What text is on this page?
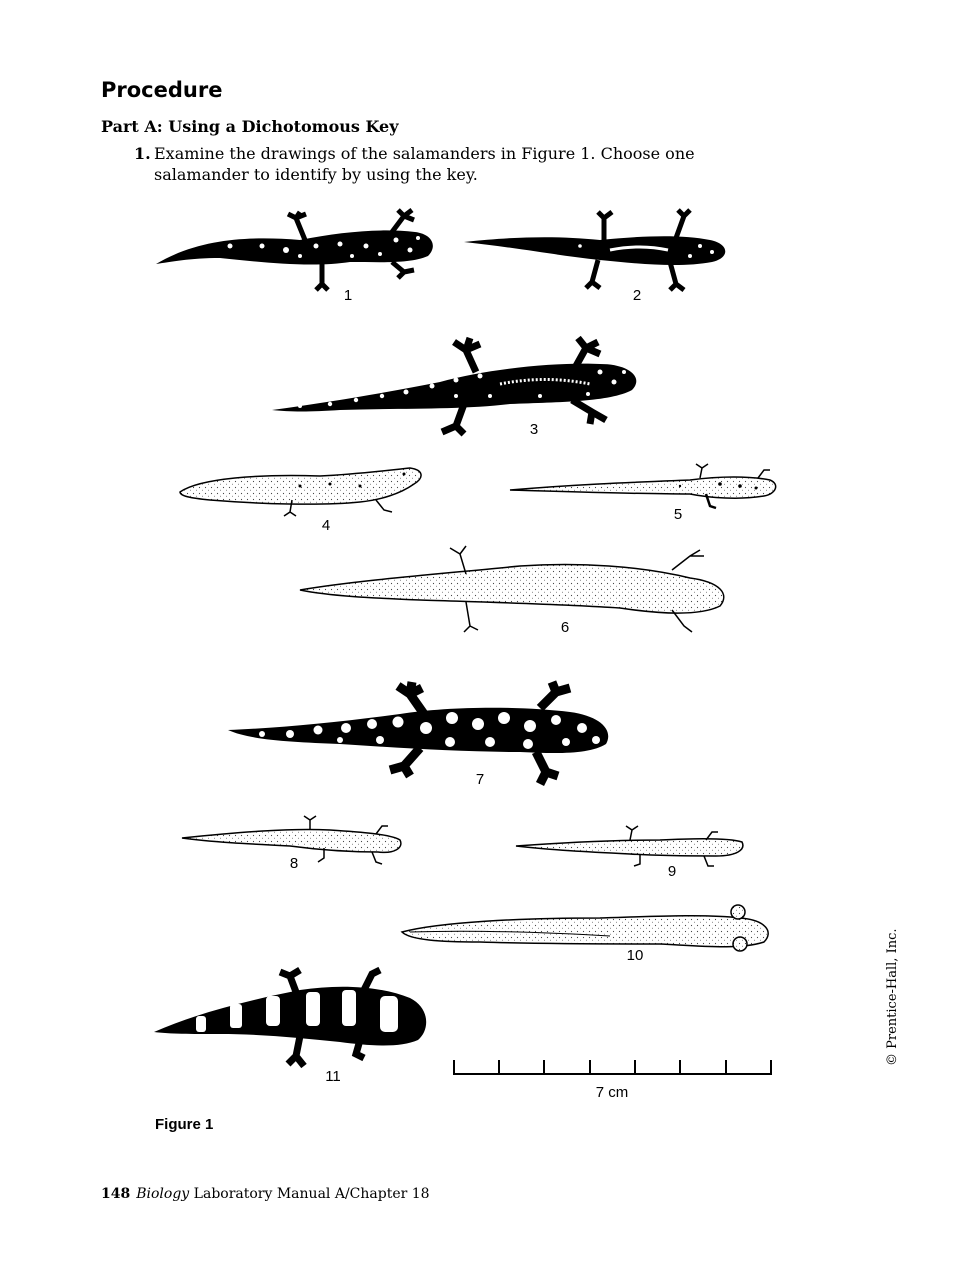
Procedure
Part A: Using a Dichotomous Key
1. Examine the drawings of the salamanders in Figure 1. Choose one
salamander to identify by using the key.
1	2
3
4
5
6
7
8	9
10
11
7 cm
Figure 1
148 Biology Laboratory Manual A/Chapter 18
© Prentice-Hall, Inc.
